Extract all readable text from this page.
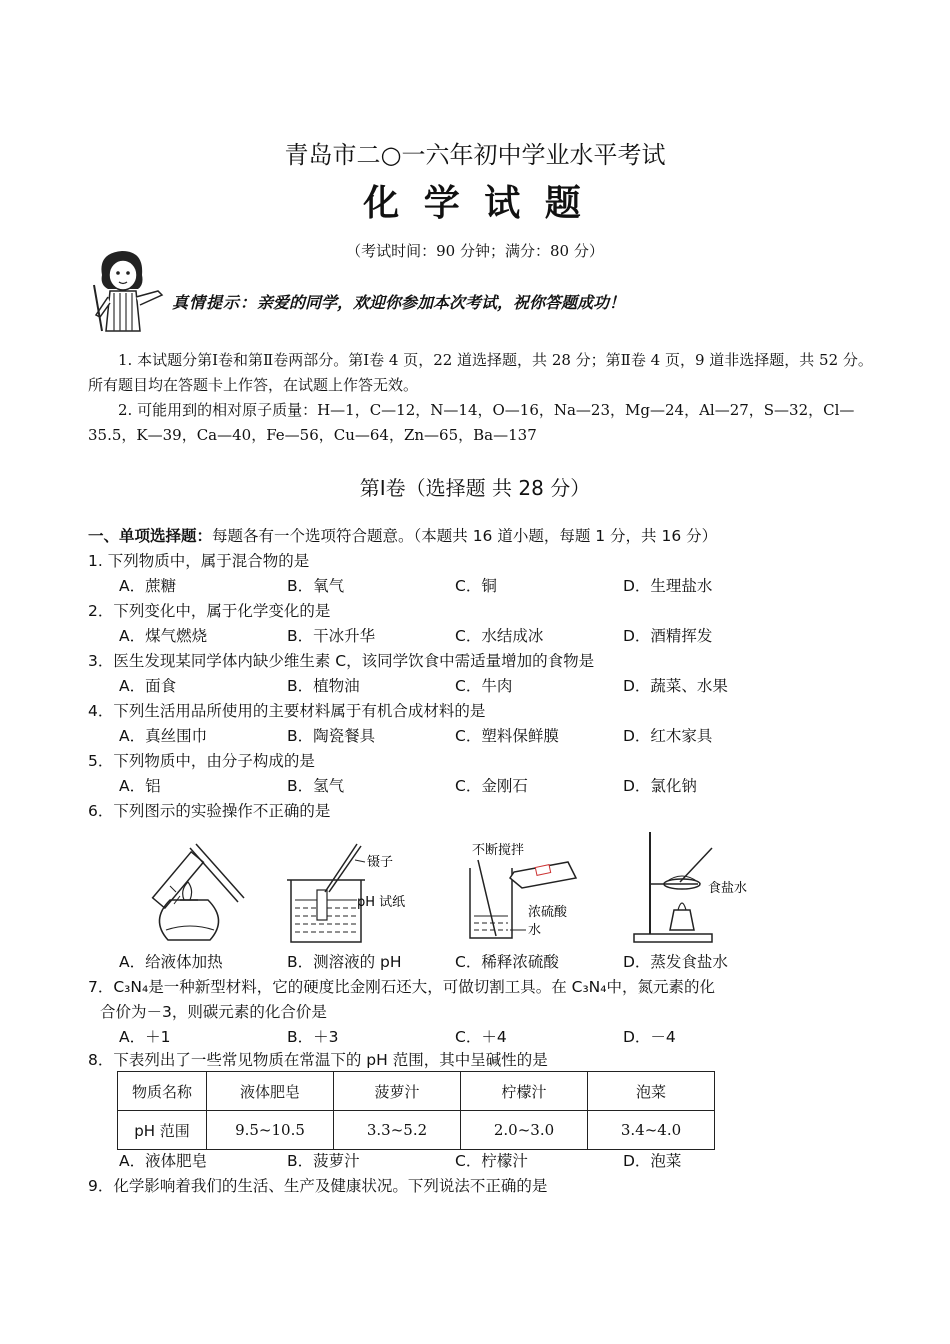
青岛市二○一六年初中学业水平考试
化 学 试 题
（考试时间：90 分钟；满分：80 分）
真情提示：亲爱的同学，欢迎你参加本次考试，祝你答题成功！
1. 本试题分第Ⅰ卷和第Ⅱ卷两部分。第Ⅰ卷 4 页，22 道选择题，共 28 分；第Ⅱ卷 4 页，9 道非选择题，共 52 分。所有题目均在答题卡上作答，在试题上作答无效。
2. 可能用到的相对原子质量：H—1，C—12，N—14，O—16，Na—23，Mg—24，Al—27，S—32，Cl—35.5，K—39，Ca—40，Fe—56，Cu—64，Zn—65，Ba—137
第Ⅰ卷（选择题 共 28 分）
一、单项选择题：每题各有一个选项符合题意。（本题共 16 道小题，每题 1 分，共 16 分）
1. 下列物质中，属于混合物的是
A．蔗糖	B．氧气	C．铜	D．生理盐水
2．下列变化中，属于化学变化的是
A．煤气燃烧	B．干冰升华	C．水结成冰	D．酒精挥发
3．医生发现某同学体内缺少维生素 C，该同学饮食中需适量增加的食物是
A．面食	B．植物油	C．牛肉	D．蔬菜、水果
4．下列生活用品所使用的主要材料属于有机合成材料的是
A．真丝围巾	B．陶瓷餐具	C．塑料保鲜膜	D．红木家具
5．下列物质中，由分子构成的是
A．铝	B．氢气	C．金刚石	D．氯化钠
6．下列图示的实验操作不正确的是
镊子
pH 试纸
不断搅拌
浓硫酸
水
食盐水
A．给液体加热	B．测溶液的 pH	C．稀释浓硫酸	D．蒸发食盐水
7．C₃N₄是一种新型材料，它的硬度比金刚石还大，可做切割工具。在 C₃N₄中，氮元素的化
合价为－3，则碳元素的化合价是
A．＋1	B．＋3	C．＋4	D．－4
8．下表列出了一些常见物质在常温下的 pH 范围，其中呈碱性的是
物质名称	液体肥皂	菠萝汁	柠檬汁	泡菜
pH 范围	9.5~10.5	3.3~5.2	2.0~3.0	3.4~4.0
A．液体肥皂	B．菠萝汁	C．柠檬汁	D．泡菜
9．化学影响着我们的生活、生产及健康状况。下列说法不正确的是
